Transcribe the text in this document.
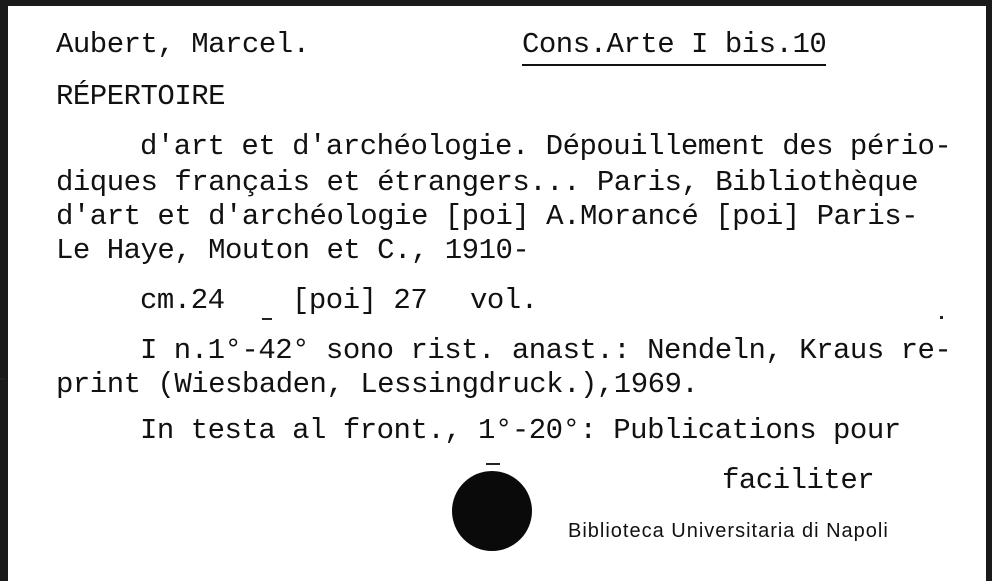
Aubert, Marcel.	Cons.Arte I bis.10
RÉPERTOIRE
d'art et d'archéologie. Dépouillement des pério-
diques français et étrangers... Paris, Bibliothèque
d'art et d'archéologie [poi] A.Morancé [poi] Paris-
Le Haye, Mouton et C., 1910-
cm.24 [poi] 27 vol.
I n.1°-42° sono rist. anast.: Nendeln, Kraus re-
print (Wiesbaden, Lessingdruck.),1969.
In testa al front., 1°-20°: Publications pour
faciliter
Biblioteca Universitaria di Napoli
